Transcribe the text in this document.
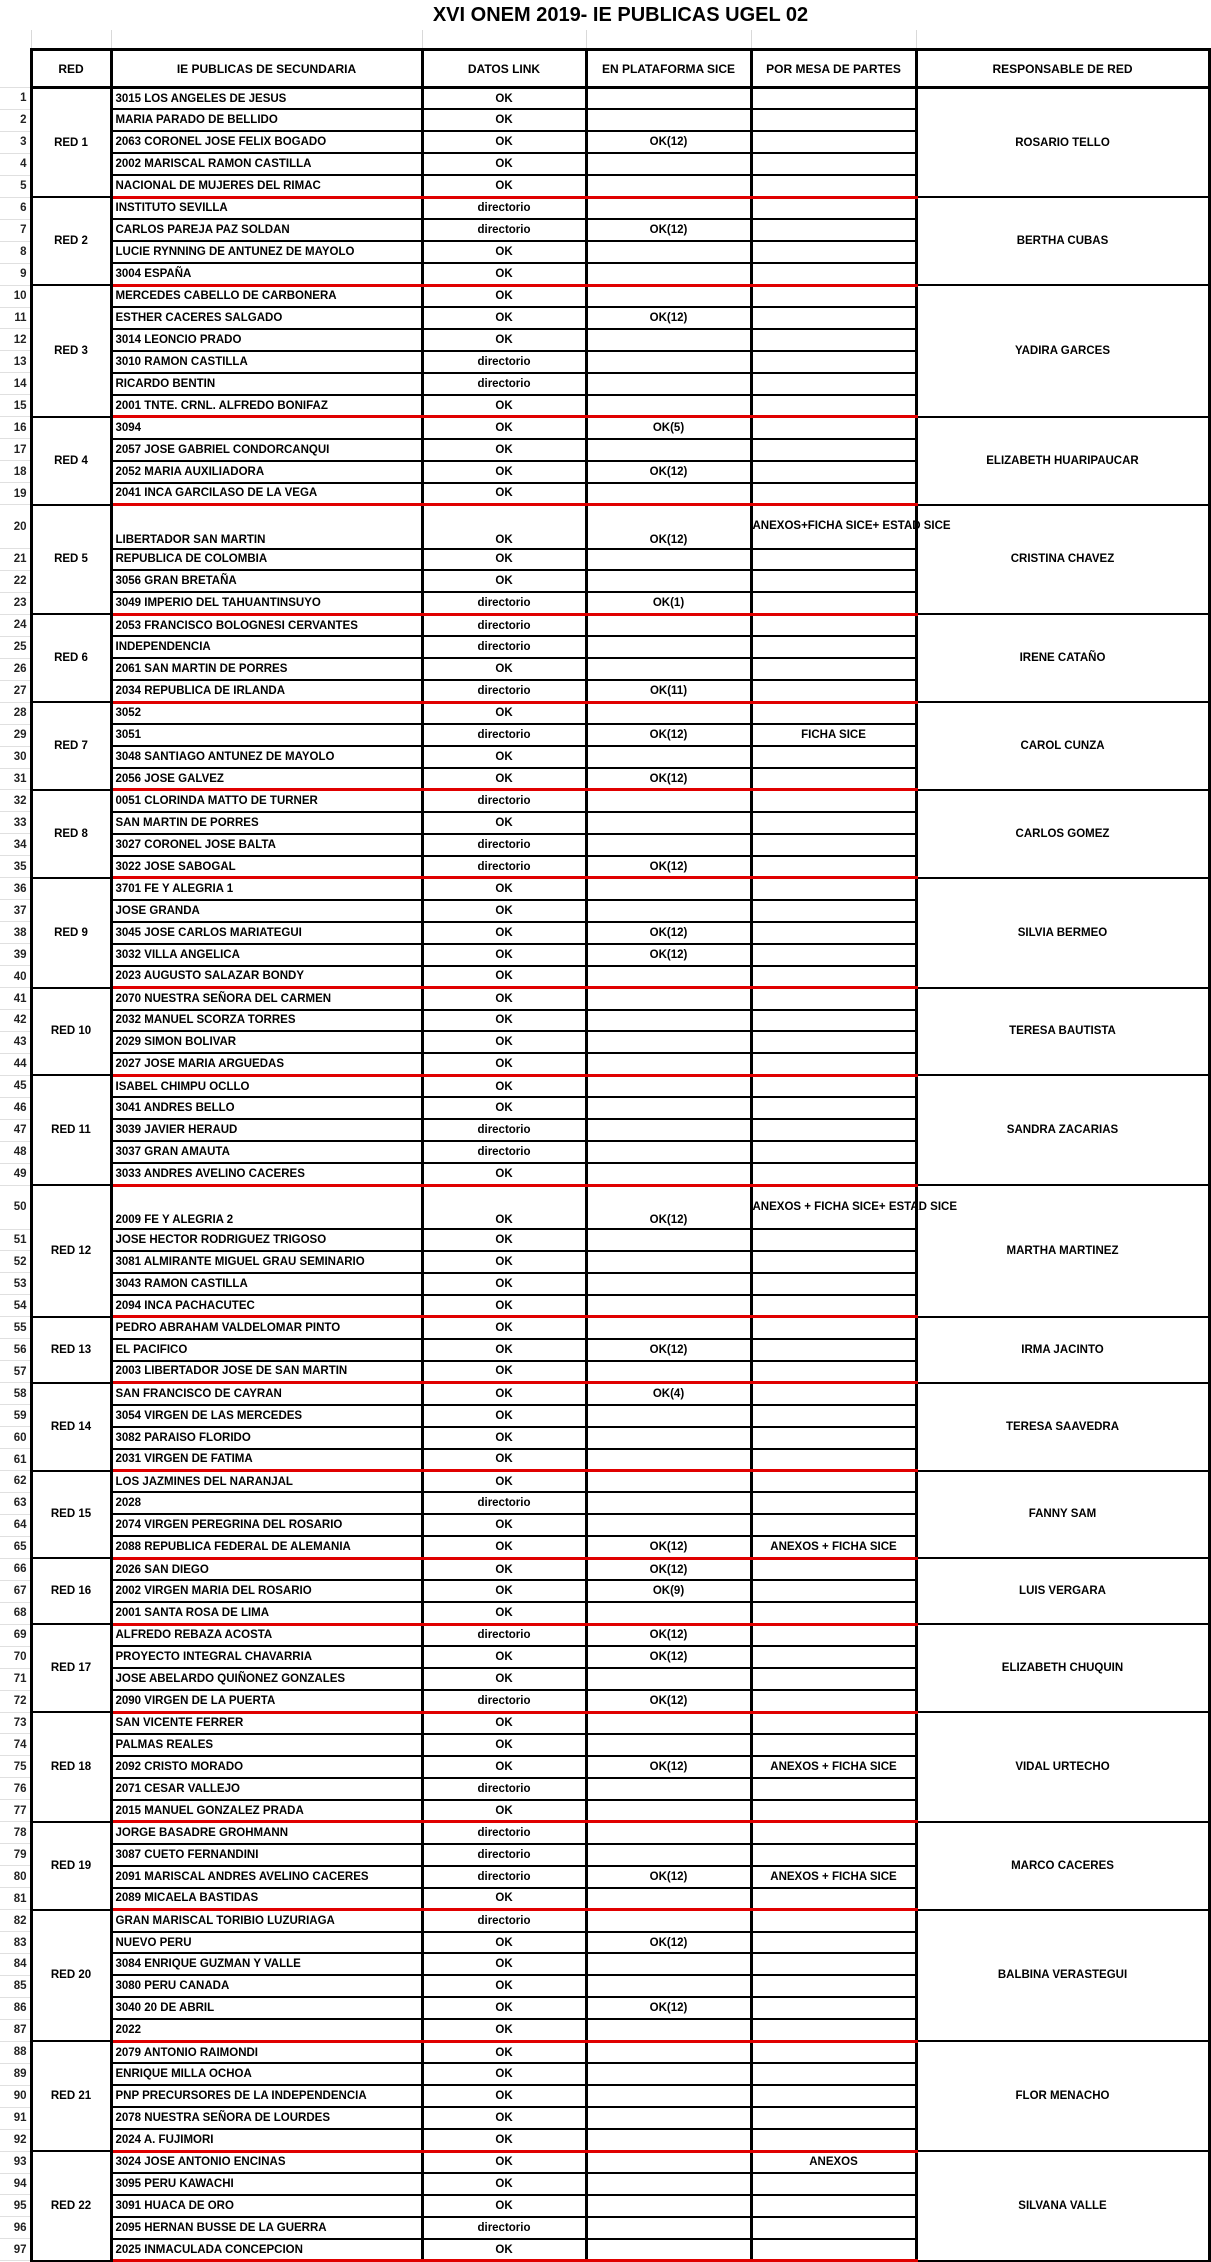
XVI ONEM 2019- IE PUBLICAS UGEL 02
	RED	IE PUBLICAS DE SECUNDARIA	DATOS LINK	EN PLATAFORMA SICE	POR MESA DE PARTES	RESPONSABLE DE RED
1	RED 1	3015 LOS ANGELES DE JESUS	OK			ROSARIO TELLO
2		MARIA PARADO DE BELLIDO	OK			
3		2063 CORONEL JOSE FELIX BOGADO	OK	OK(12)		
4		2002 MARISCAL RAMON CASTILLA	OK			
5		NACIONAL DE MUJERES DEL RIMAC	OK			
6	RED 2	INSTITUTO SEVILLA	directorio			BERTHA CUBAS
7		CARLOS PAREJA PAZ SOLDAN	directorio	OK(12)		
8		LUCIE RYNNING DE ANTUNEZ DE MAYOLO	OK			
9		3004 ESPAÑA	OK			
10	RED 3	MERCEDES CABELLO DE CARBONERA	OK			YADIRA GARCES
11		ESTHER CACERES SALGADO	OK	OK(12)		
12		3014 LEONCIO PRADO	OK			
13		3010 RAMON CASTILLA	directorio			
14		RICARDO BENTIN	directorio			
15		2001 TNTE. CRNL. ALFREDO BONIFAZ	OK			
16	RED 4	3094	OK	OK(5)		ELIZABETH HUARIPAUCAR
17		2057 JOSE GABRIEL CONDORCANQUI	OK			
18		2052 MARIA AUXILIADORA	OK	OK(12)		
19		2041 INCA GARCILASO DE LA VEGA	OK			
20	RED 5	LIBERTADOR SAN MARTIN	OK	OK(12)	ANEXOS+FICHA SICE+ ESTAD SICE	CRISTINA CHAVEZ
21		REPUBLICA DE COLOMBIA	OK			
22		3056 GRAN BRETAÑA	OK			
23		3049 IMPERIO DEL TAHUANTINSUYO	directorio	OK(1)		
24	RED 6	2053 FRANCISCO BOLOGNESI CERVANTES	directorio			IRENE CATAÑO
25		INDEPENDENCIA	directorio			
26		2061 SAN MARTIN DE PORRES	OK			
27		2034 REPUBLICA DE IRLANDA	directorio	OK(11)		
28	RED 7	3052	OK			CAROL CUNZA
29		3051	directorio	OK(12)	FICHA SICE	
30		3048 SANTIAGO ANTUNEZ DE MAYOLO	OK			
31		2056 JOSE GALVEZ	OK	OK(12)		
32	RED 8	0051 CLORINDA MATTO DE TURNER	directorio			CARLOS GOMEZ
33		SAN MARTIN DE PORRES	OK			
34		3027 CORONEL JOSE BALTA	directorio			
35		3022 JOSE SABOGAL	directorio	OK(12)		
36	RED 9	3701 FE Y ALEGRIA 1	OK			SILVIA BERMEO
37		JOSE GRANDA	OK			
38		3045 JOSE CARLOS MARIATEGUI	OK	OK(12)		
39		3032 VILLA ANGELICA	OK	OK(12)		
40		2023 AUGUSTO SALAZAR BONDY	OK			
41	RED 10	2070 NUESTRA SEÑORA DEL CARMEN	OK			TERESA BAUTISTA
42		2032 MANUEL SCORZA TORRES	OK			
43		2029 SIMON BOLIVAR	OK			
44		2027 JOSE MARIA ARGUEDAS	OK			
45	RED 11	ISABEL CHIMPU OCLLO	OK			SANDRA ZACARIAS
46		3041 ANDRES BELLO	OK			
47		3039 JAVIER HERAUD	directorio			
48		3037 GRAN AMAUTA	directorio			
49		3033 ANDRES AVELINO CACERES	OK			
50	RED 12	2009 FE Y ALEGRIA 2	OK	OK(12)	ANEXOS + FICHA SICE+ ESTAD SICE	MARTHA MARTINEZ
51		JOSE HECTOR RODRIGUEZ TRIGOSO	OK			
52		3081 ALMIRANTE MIGUEL GRAU SEMINARIO	OK			
53		3043 RAMON CASTILLA	OK			
54		2094 INCA PACHACUTEC	OK			
55	RED 13	PEDRO ABRAHAM VALDELOMAR PINTO	OK			IRMA JACINTO
56		EL PACIFICO	OK	OK(12)		
57		2003 LIBERTADOR JOSE DE SAN MARTIN	OK			
58	RED 14	SAN FRANCISCO DE CAYRAN	OK	OK(4)		TERESA SAAVEDRA
59		3054 VIRGEN DE LAS MERCEDES	OK			
60		3082 PARAISO FLORIDO	OK			
61		2031 VIRGEN DE FATIMA	OK			
62	RED 15	LOS JAZMINES DEL NARANJAL	OK			FANNY SAM
63		2028	directorio			
64		2074 VIRGEN PEREGRINA DEL ROSARIO	OK			
65		2088 REPUBLICA FEDERAL DE ALEMANIA	OK	OK(12)	ANEXOS + FICHA SICE	
66	RED 16	2026 SAN DIEGO	OK	OK(12)		LUIS VERGARA
67		2002 VIRGEN MARIA DEL ROSARIO	OK	OK(9)		
68		2001 SANTA ROSA DE LIMA	OK			
69	RED 17	ALFREDO REBAZA ACOSTA	directorio	OK(12)		ELIZABETH CHUQUIN
70		PROYECTO INTEGRAL CHAVARRIA	OK	OK(12)		
71		JOSE ABELARDO QUIÑONEZ GONZALES	OK			
72		2090 VIRGEN DE LA PUERTA	directorio	OK(12)		
73	RED 18	SAN VICENTE FERRER	OK			VIDAL URTECHO
74		PALMAS REALES	OK			
75		2092 CRISTO MORADO	OK	OK(12)	ANEXOS + FICHA SICE	
76		2071 CESAR VALLEJO	directorio			
77		2015 MANUEL GONZALEZ PRADA	OK			
78	RED 19	JORGE BASADRE GROHMANN	directorio			MARCO CACERES
79		3087 CUETO FERNANDINI	directorio			
80		2091 MARISCAL ANDRES AVELINO CACERES	directorio	OK(12)	ANEXOS + FICHA SICE	
81		2089 MICAELA BASTIDAS	OK			
82	RED 20	GRAN MARISCAL TORIBIO LUZURIAGA	directorio			BALBINA VERASTEGUI
83		NUEVO PERU	OK	OK(12)		
84		3084 ENRIQUE GUZMAN Y VALLE	OK			
85		3080 PERU CANADA	OK			
86		3040 20 DE ABRIL	OK	OK(12)		
87		2022	OK			
88	RED 21	2079 ANTONIO RAIMONDI	OK			FLOR MENACHO
89		ENRIQUE MILLA OCHOA	OK			
90		PNP PRECURSORES DE LA INDEPENDENCIA	OK			
91		2078 NUESTRA SEÑORA DE LOURDES	OK			
92		2024 A. FUJIMORI	OK			
93	RED 22	3024 JOSE ANTONIO ENCINAS	OK		ANEXOS	SILVANA VALLE
94		3095 PERU KAWACHI	OK			
95		3091 HUACA DE ORO	OK			
96		2095 HERNAN BUSSE DE LA GUERRA	directorio			
97		2025 INMACULADA CONCEPCION	OK			
